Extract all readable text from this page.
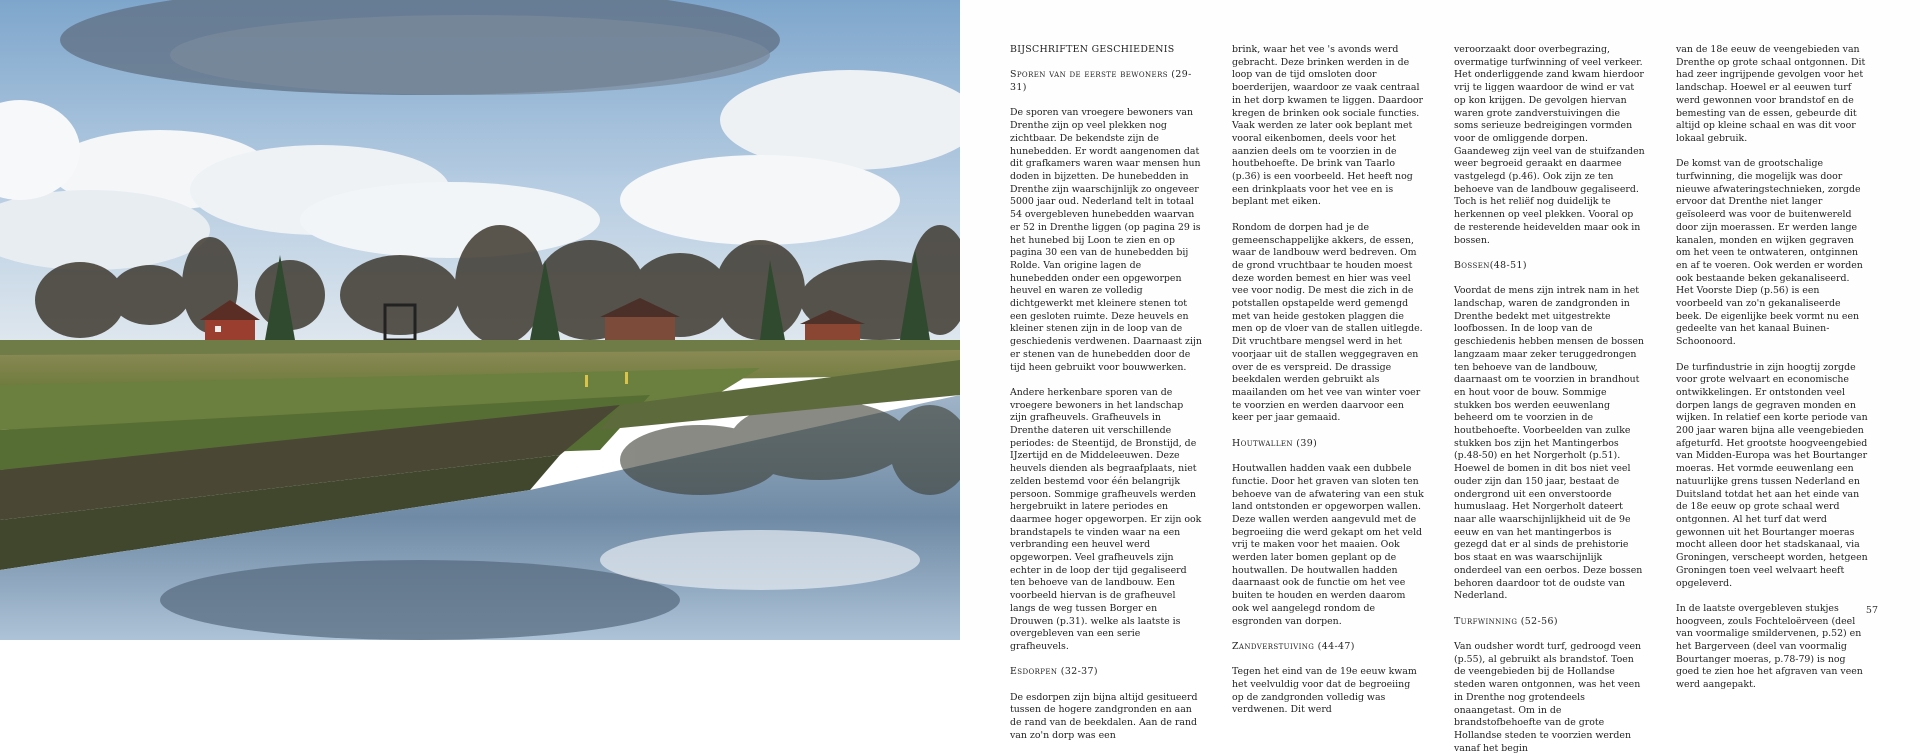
BIJSCHRIFTEN GESCHIEDENIS
Sporen van de eerste bewoners (29-31)

De sporen van vroegere bewoners van Drenthe zijn op veel plekken nog zichtbaar. De bekendste zijn de hunebedden. Er wordt aangenomen dat dit grafkamers waren waar mensen hun doden in bijzetten. De hunebedden in Drenthe zijn waarschijnlijk zo ongeveer 5000 jaar oud. Nederland telt in totaal 54 overgebleven hunebedden waarvan er 52 in Drenthe liggen (op pagina 29 is het hunebed bij Loon te zien en op pagina 30 een van de hunebedden bij Rolde. Van origine lagen de hunebedden onder een opgeworpen heuvel en waren ze volledig dichtgewerkt met kleinere stenen tot een gesloten ruimte. Deze heuvels en kleiner stenen zijn in de loop van de geschiedenis verdwenen. Daarnaast zijn er stenen van de hunebedden door de tijd heen gebruikt voor bouwwerken.

Andere herkenbare sporen van de vroegere bewoners in het landschap zijn grafheuvels. Grafheuvels in Drenthe dateren uit verschillende periodes: de Steentijd, de Bronstijd, de IJzertijd en de Middeleeuwen. Deze heuvels dienden als begraafplaats, niet zelden bestemd voor één belangrijk persoon. Sommige grafheuvels werden hergebruikt in latere periodes en daarmee hoger opgeworpen. Er zijn ook brandstapels te vinden waar na een verbranding een heuvel werd opgeworpen. Veel grafheuvels zijn echter in de loop der tijd gegaliseerd ten behoeve van de landbouw. Een voorbeeld hiervan is de grafheuvel langs de weg tussen Borger en Drouwen (p.31). welke als laatste is overgebleven van een serie grafheuvels.

Esdorpen (32-37)

De esdorpen zijn bijna altijd gesitueerd tussen de hogere zandgronden en aan de rand van de beekdalen. Aan de rand van zo'n dorp was een

brink, waar het vee 's avonds werd gebracht. Deze brinken werden in de loop van de tijd omsloten door boerderijen, waardoor ze vaak centraal in het dorp kwamen te liggen. Daardoor kregen de brinken ook sociale functies. Vaak werden ze later ook beplant met vooral eikenbomen, deels voor het aanzien deels om te voorzien in de houtbehoefte. De brink van Taarlo (p.36) is een voorbeeld. Het heeft nog een drinkplaats voor het vee en is beplant met eiken.

Rondom de dorpen had je de gemeenschappelijke akkers, de essen, waar de landbouw werd bedreven. Om de grond vruchtbaar te houden moest deze worden bemest en hier was veel vee voor nodig. De mest die zich in de potstallen opstapelde werd gemengd met van heide gestoken plaggen die men op de vloer van de stallen uitlegde. Dit vruchtbare mengsel werd in het voorjaar uit de stallen weggegraven en over de es verspreid. De drassige beekdalen werden gebruikt als maailanden om het vee van winter voer te voorzien en werden daarvoor een keer per jaar gemaaid.

Houtwallen (39)

Houtwallen hadden vaak een dubbele functie. Door het graven van sloten ten behoeve van de afwatering van een stuk land ontstonden er opgeworpen wallen. Deze wallen werden aangevuld met de begroeiing die werd gekapt om het veld vrij te maken voor het maaien. Ook werden later bomen geplant op de houtwallen. De houtwallen hadden daarnaast ook de functie om het vee buiten te houden en werden daarom ook wel aangelegd rondom de esgronden van dorpen.

Zandverstuiving (44-47)

Tegen het eind van de 19e eeuw kwam het veelvuldig voor dat de begroeiing op de zandgronden volledig was verdwenen. Dit werd

veroorzaakt door overbegrazing, overmatige turfwinning of veel verkeer. Het onderliggende zand kwam hierdoor vrij te liggen waardoor de wind er vat op kon krijgen. De gevolgen hiervan waren grote zandverstuivingen die soms serieuze bedreigingen vormden voor de omliggende dorpen. Gaandeweg zijn veel van de stuifzanden weer begroeid geraakt en daarmee vastgelegd (p.46). Ook zijn ze ten behoeve van de landbouw gegaliseerd. Toch is het reliëf nog duidelijk te herkennen op veel plekken. Vooral op de resterende heidevelden maar ook in bossen.

Bossen(48-51)

Voordat de mens zijn intrek nam in het landschap, waren de zandgronden in Drenthe bedekt met uitgestrekte loofbossen. In de loop van de geschiedenis hebben mensen de bossen langzaam maar zeker teruggedrongen ten behoeve van de landbouw, daarnaast om te voorzien in brandhout en hout voor de bouw. Sommige stukken bos werden eeuwenlang beheerd om te voorzien in de houtbehoefte. Voorbeelden van zulke stukken bos zijn het Mantingerbos (p.48-50) en het Norgerholt (p.51). Hoewel de bomen in dit bos niet veel ouder zijn dan 150 jaar, bestaat de ondergrond uit een onverstoorde humuslaag. Het Norgerholt dateert naar alle waarschijnlijkheid uit de 9e eeuw en van het mantingerbos is gezegd dat er al sinds de prehistorie bos staat en was waarschijnlijk onderdeel van een oerbos. Deze bossen behoren daardoor tot de oudste van Nederland.

Turfwinning (52-56)

Van oudsher wordt turf, gedroogd veen (p.55), al gebruikt als brandstof. Toen de veengebieden bij de Hollandse steden waren ontgonnen, was het veen in Drenthe nog grotendeels onaangetast. Om in de brandstofbehoefte van de grote Hollandse steden te voorzien werden vanaf het begin

van de 18e eeuw de veengebieden van Drenthe op grote schaal ontgonnen. Dit had zeer ingrijpende gevolgen voor het landschap. Hoewel er al eeuwen turf werd gewonnen voor brandstof en de bemesting van de essen, gebeurde dit altijd op kleine schaal en was dit voor lokaal gebruik.

De komst van de grootschalige turfwinning, die mogelijk was door nieuwe afwateringstechnieken, zorgde ervoor dat Drenthe niet langer geïsoleerd was voor de buitenwereld door zijn moerassen. Er werden lange kanalen, monden en wijken gegraven om het veen te ontwateren, ontginnen en af te voeren. Ook werden er worden ook bestaande beken gekanaliseerd. Het Voorste Diep (p.56) is een voorbeeld van zo'n gekanaliseerde beek. De eigenlijke beek vormt nu een gedeelte van het kanaal Buinen-Schoonoord.

De turfindustrie in zijn hoogtij zorgde voor grote welvaart en economische ontwikkelingen. Er ontstonden veel dorpen langs de gegraven monden en wijken. In relatief een korte periode van 200 jaar waren bijna alle veengebieden afgeturfd. Het grootste hoogveengebied van Midden-Europa was het Bourtanger moeras. Het vormde eeuwenlang een natuurlijke grens tussen Nederland en Duitsland totdat het aan het einde van de 18e eeuw op grote schaal werd ontgonnen. Al het turf dat werd gewonnen uit het Bourtanger moeras mocht alleen door het stadskanaal, via Groningen, verscheept worden, hetgeen Groningen toen veel welvaart heeft opgeleverd.

In de laatste overgebleven stukjes hoogveen, zouls Fochteloërveen (deel van voormalige smildervenen, p.52) en het Bargerveen (deel van voormalig Bourtanger moeras, p.78-79) is nog goed te zien hoe het afgraven van veen werd aangepakt.

57
